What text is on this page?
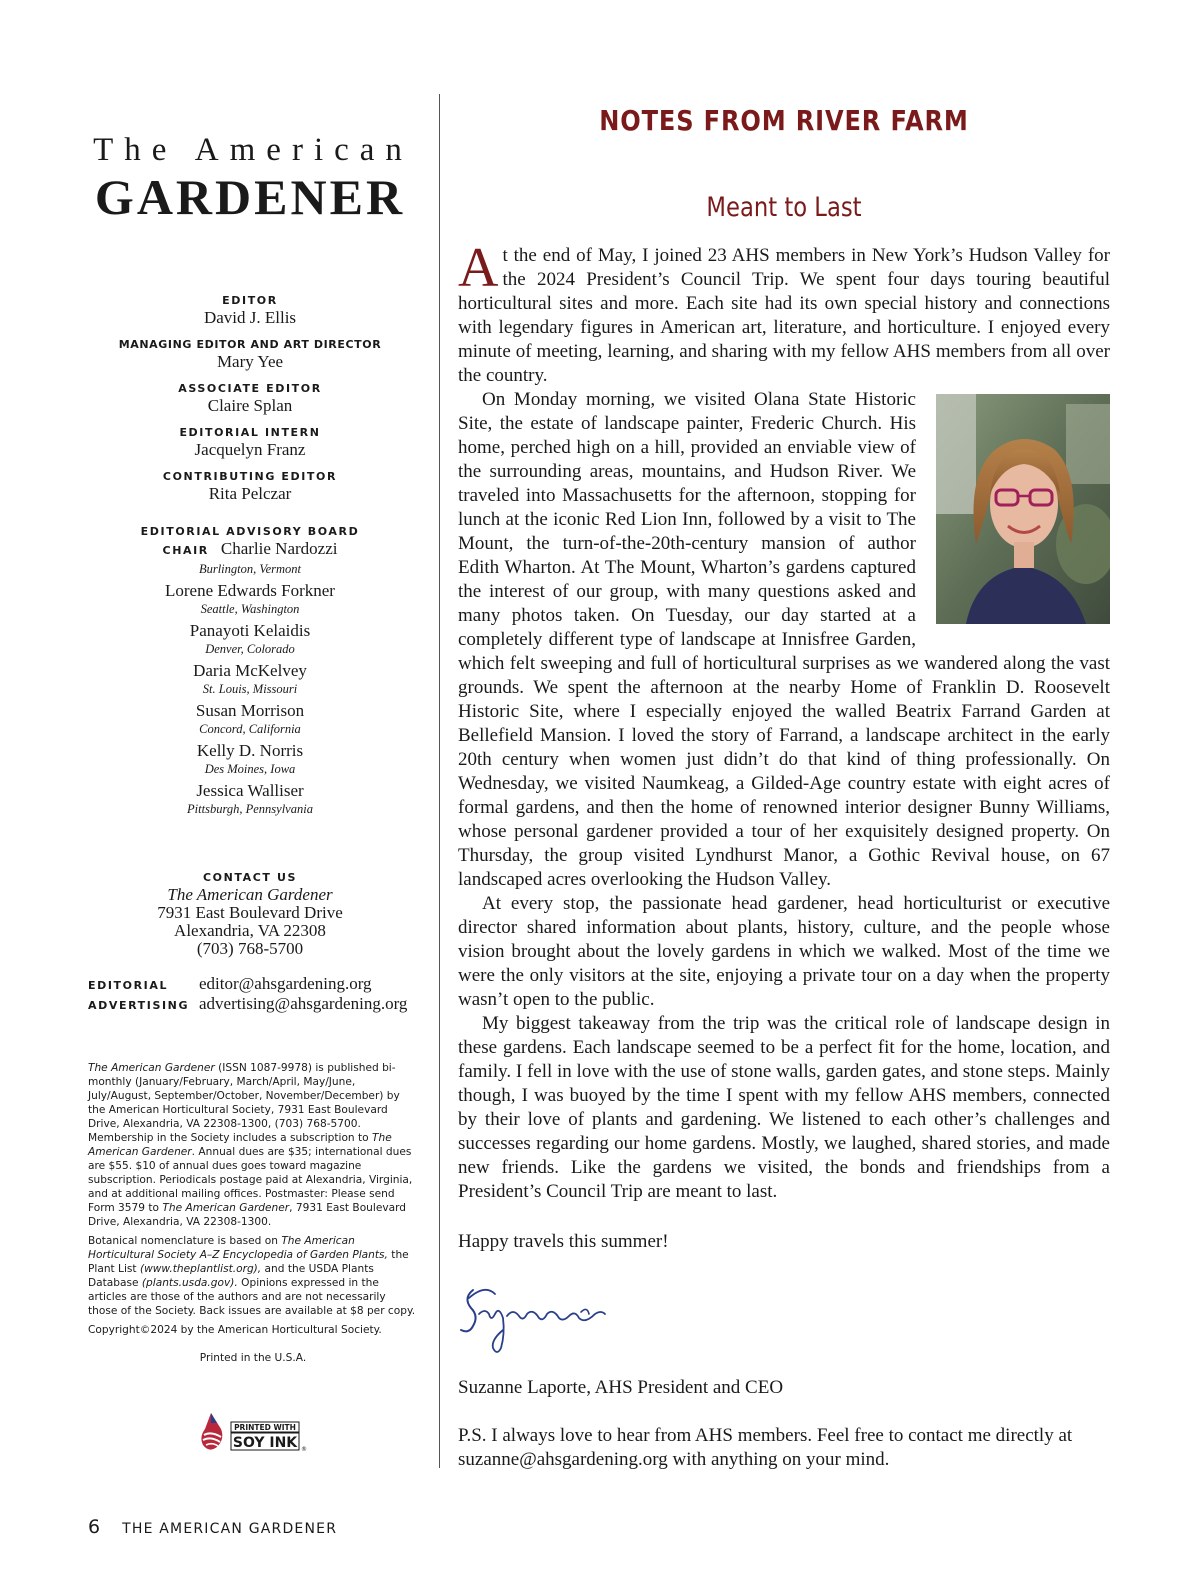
The American
GARDENER
EDITOR
David J. Ellis
MANAGING EDITOR AND ART DIRECTOR
Mary Yee
ASSOCIATE EDITOR
Claire Splan
EDITORIAL INTERN
Jacquelyn Franz
CONTRIBUTING EDITOR
Rita Pelczar
EDITORIAL ADVISORY BOARD
CHAIR Charlie Nardozzi
Burlington, Vermont
Lorene Edwards Forkner
Seattle, Washington
Panayoti Kelaidis
Denver, Colorado
Daria McKelvey
St. Louis, Missouri
Susan Morrison
Concord, California
Kelly D. Norris
Des Moines, Iowa
Jessica Walliser
Pittsburgh, Pennsylvania
CONTACT US
The American Gardener
7931 East Boulevard Drive
Alexandria, VA 22308
(703) 768-5700
EDITORIAL	editor@ahsgardening.org
ADVERTISING advertising@ahsgardening.org

The American Gardener (ISSN 1087-9978) is published bi-monthly (January/February, March/April, May/June, July/August, September/October, November/December) by the American Horticultural Society, 7931 East Boulevard Drive, Alexandria, VA 22308-1300, (703) 768-5700. Membership in the Society includes a subscription to The American Gardener. Annual dues are $35; international dues are $55. $10 of annual dues goes toward magazine subscription. Periodicals postage paid at Alexandria, Virginia, and at additional mailing offices. Postmaster: Please send Form 3579 to The American Gardener, 7931 East Boulevard Drive, Alexandria, VA 22308-1300.

Botanical nomenclature is based on The American Horticultural Society A–Z Encyclopedia of Garden Plants, the Plant List (www.theplantlist.org), and the USDA Plants Database (plants.usda.gov). Opinions expressed in the articles are those of the authors and are not necessarily those of the Society. Back issues are available at $8 per copy.

Copyright©2024 by the American Horticultural Society.

Printed in the U.S.A.

PRINTED WITH
SOY INK ®
NOTES FROM RIVER FARM
Meant to Last

At the end of May, I joined 23 AHS members in New York’s Hudson Valley for the 2024 President’s Council Trip. We spent four days touring beautiful horticultural sites and more. Each site had its own special history and connections with legendary figures in American art, literature, and horticulture. I enjoyed every minute of meeting, learning, and sharing with my fellow AHS members from all over the country.

On Monday morning, we visited Olana State Historic Site, the estate of landscape painter, Frederic Church. His home, perched high on a hill, provided an enviable view of the surrounding areas, mountains, and Hudson River. We traveled into Massachusetts for the afternoon, stopping for lunch at the iconic Red Lion Inn, followed by a visit to The Mount, the turn-of-the-20th-century mansion of author Edith Wharton. At The Mount, Wharton’s gardens captured the interest of our group, with many questions asked and many photos taken. On Tuesday, our day started at a completely different type of landscape at Innisfree Garden, which felt sweeping and full of horticultural surprises as we wandered along the vast grounds. We spent the afternoon at the nearby Home of Franklin D. Roosevelt Historic Site, where I especially enjoyed the walled Beatrix Farrand Garden at Bellefield Mansion. I loved the story of Farrand, a landscape architect in the early 20th century when women just didn’t do that kind of thing professionally. On Wednesday, we visited Naumkeag, a Gilded-Age country estate with eight acres of formal gardens, and then the home of renowned interior designer Bunny Williams, whose personal gardener provided a tour of her exquisitely designed property. On Thursday, the group visited Lyndhurst Manor, a Gothic Revival house, on 67 landscaped acres overlooking the Hudson Valley.

At every stop, the passionate head gardener, head horticulturist or executive director shared information about plants, history, culture, and the people whose vision brought about the lovely gardens in which we walked. Most of the time we were the only visitors at the site, enjoying a private tour on a day when the property wasn’t open to the public.

My biggest takeaway from the trip was the critical role of landscape design in these gardens. Each landscape seemed to be a perfect fit for the home, location, and family. I fell in love with the use of stone walls, garden gates, and stone steps. Mainly though, I was buoyed by the time I spent with my fellow AHS members, connected by their love of plants and gardening. We listened to each other’s challenges and successes regarding our home gardens. Mostly, we laughed, shared stories, and made new friends. Like the gardens we visited, the bonds and friendships from a President’s Council Trip are meant to last.

Happy travels this summer!
Suzanne Laporte, AHS President and CEO
P.S. I always love to hear from AHS members. Feel free to contact me directly at suzanne@ahsgardening.org with anything on your mind.
6 THE AMERICAN GARDENER
